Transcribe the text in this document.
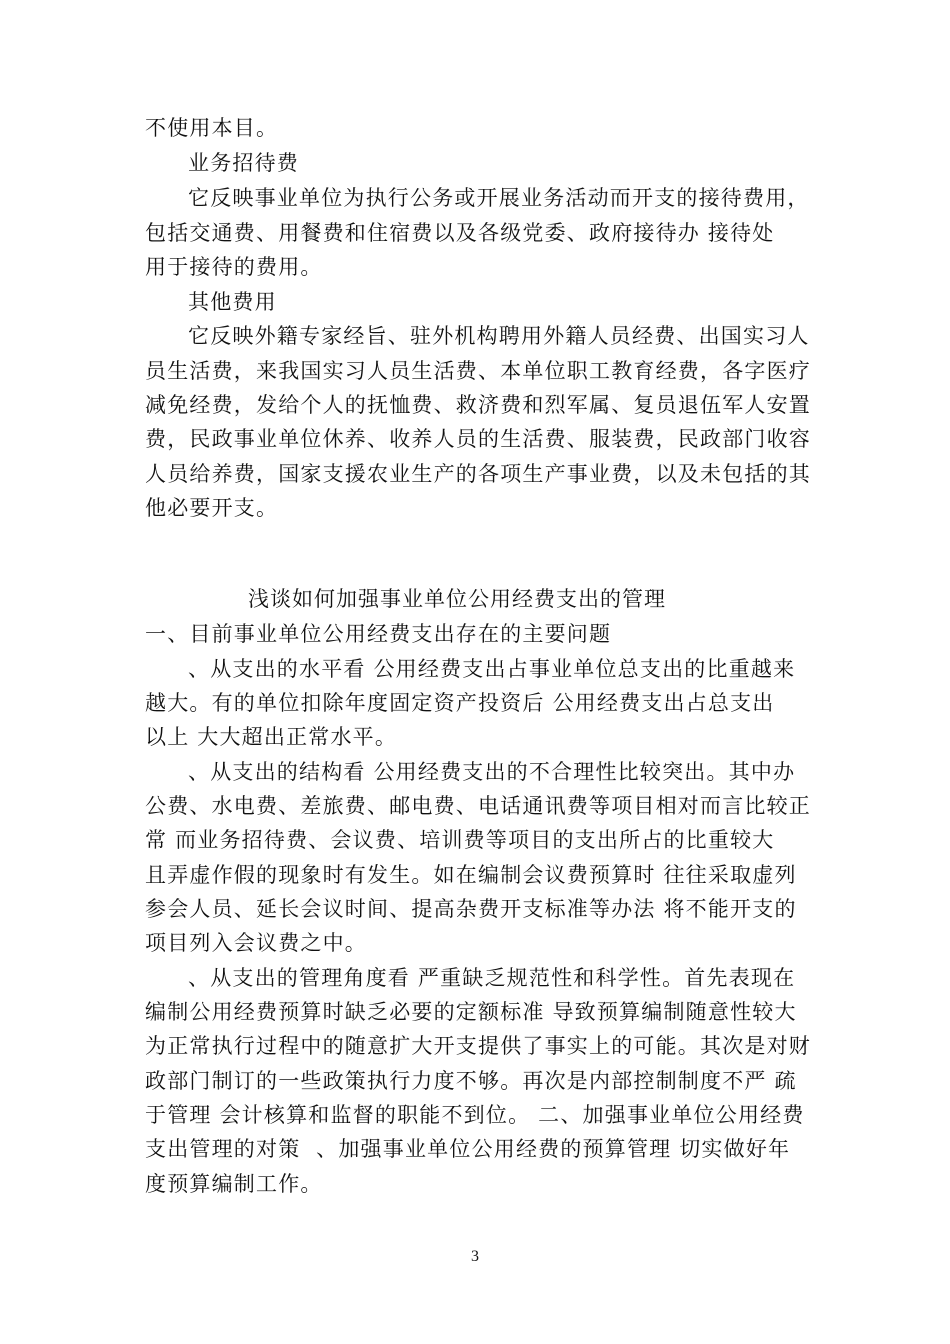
不使用本目。
业务招待费
它反映事业单位为执行公务或开展业务活动而开支的接待费用，
包括交通费、用餐费和住宿费以及各级党委、政府接待办 接待处
用于接待的费用。
其他费用
它反映外籍专家经旨、驻外机构聘用外籍人员经费、出国实习人
员生活费，来我国实习人员生活费、本单位职工教育经费，各字医疗
减免经费，发给个人的抚恤费、救济费和烈军属、复员退伍军人安置
费，民政事业单位休养、收养人员的生活费、服装费，民政部门收容
人员给养费，国家支援农业生产的各项生产事业费，以及未包括的其
他必要开支。
浅谈如何加强事业单位公用经费支出的管理
一、目前事业单位公用经费支出存在的主要问题
、从支出的水平看 公用经费支出占事业单位总支出的比重越来
越大。有的单位扣除年度固定资产投资后 公用经费支出占总支出
以上 大大超出正常水平。
、从支出的结构看 公用经费支出的不合理性比较突出。其中办
公费、水电费、差旅费、邮电费、电话通讯费等项目相对而言比较正
常 而业务招待费、会议费、培训费等项目的支出所占的比重较大
且弄虚作假的现象时有发生。如在编制会议费预算时 往往采取虚列
参会人员、延长会议时间、提高杂费开支标准等办法 将不能开支的
项目列入会议费之中。
、从支出的管理角度看 严重缺乏规范性和科学性。首先表现在
编制公用经费预算时缺乏必要的定额标准 导致预算编制随意性较大
为正常执行过程中的随意扩大开支提供了事实上的可能。其次是对财
政部门制订的一些政策执行力度不够。再次是内部控制制度不严 疏
于管理 会计核算和监督的职能不到位。 二、加强事业单位公用经费
支出管理的对策  、加强事业单位公用经费的预算管理 切实做好年
度预算编制工作。
3
